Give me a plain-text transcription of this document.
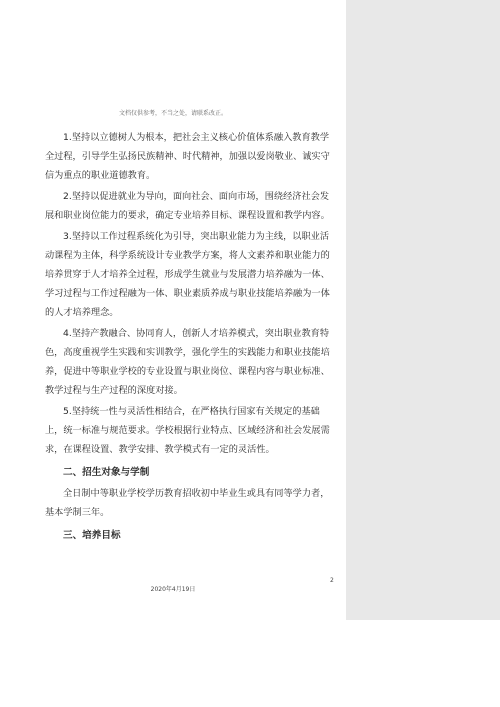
文档仅供参考，不当之处，请联系改正。

1.坚持以立德树人为根本，把社会主义核心价值体系融入教育教学全过程，引导学生弘扬民族精神、时代精神，加强以爱岗敬业、诚实守信为重点的职业道德教育。

2.坚持以促进就业为导向，面向社会、面向市场，围绕经济社会发展和职业岗位能力的要求，确定专业培养目标、课程设置和教学内容。

3.坚持以工作过程系统化为引导，突出职业能力为主线，以职业活动课程为主体，科学系统设计专业教学方案，将人文素养和职业能力的培养贯穿于人才培养全过程，形成学生就业与发展潜力培养融为一体、学习过程与工作过程融为一体、职业素质养成与职业技能培养融为一体的人才培养理念。

4.坚持产教融合、协同育人，创新人才培养模式，突出职业教育特色，高度重视学生实践和实训教学，强化学生的实践能力和职业技能培养，促进中等职业学校的专业设置与职业岗位、课程内容与职业标准、教学过程与生产过程的深度对接。

5.坚持统一性与灵活性相结合，在严格执行国家有关规定的基础上，统一标准与规范要求。学校根据行业特点、区域经济和社会发展需求，在课程设置、教学安排、教学模式有一定的灵活性。

二、招生对象与学制

全日制中等职业学校学历教育招收初中毕业生或具有同等学力者，基本学制三年。

三、培养目标

2
2020年4月19日
